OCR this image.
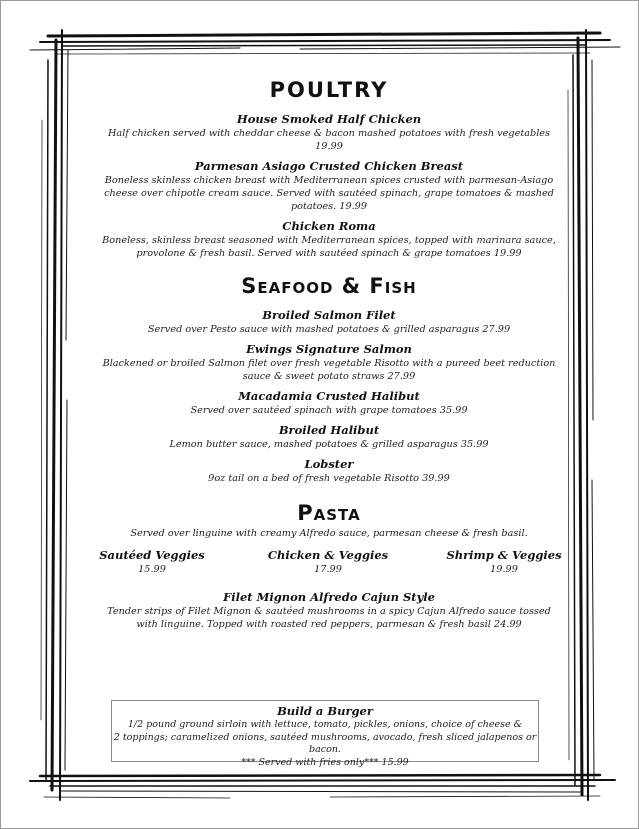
POULTRY
House Smoked Half Chicken
Half chicken served with cheddar cheese & bacon mashed potatoes with fresh vegetables
19.99
Parmesan Asiago Crusted Chicken Breast
Boneless skinless chicken breast with Mediterranean spices crusted with parmesan-Asiago
cheese over chipotle cream sauce. Served with sautéed spinach, grape tomatoes & mashed
potatoes. 19.99
Chicken Roma
Boneless, skinless breast seasoned with Mediterranean spices, topped with marinara sauce,
provolone & fresh basil. Served with sautéed spinach & grape tomatoes 19.99
Seafood & Fish
Broiled Salmon Filet
Served over Pesto sauce with mashed potatoes & grilled asparagus 27.99
Ewings Signature Salmon
Blackened or broiled Salmon filet over fresh vegetable Risotto with a pureed beet reduction
sauce & sweet potato straws 27.99
Macadamia Crusted Halibut
Served over sautéed spinach with grape tomatoes 35.99
Broiled Halibut
Lemon butter sauce, mashed potatoes & grilled asparagus 35.99
Lobster
9oz tail on a bed of fresh vegetable Risotto 39.99
Pasta
Served over linguine with creamy Alfredo sauce, parmesan cheese & fresh basil.
Sautéed Veggies
15.99
Chicken & Veggies
17.99
Shrimp & Veggies
19.99
Filet Mignon Alfredo Cajun Style
Tender strips of Filet Mignon & sautéed mushrooms in a spicy Cajun Alfredo sauce tossed
with linguine. Topped with roasted red peppers, parmesan & fresh basil 24.99
Build a Burger
1/2 pound ground sirloin with lettuce, tomato, pickles, onions, choice of cheese &
2 toppings; caramelized onions, sautéed mushrooms, avocado, fresh sliced jalapenos or bacon.
*** Served with fries only*** 15.99
